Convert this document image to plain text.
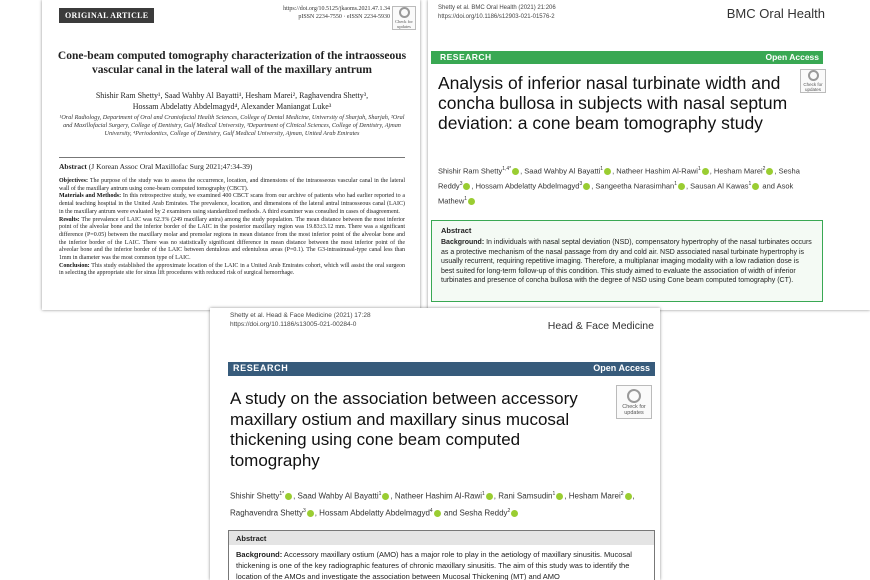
ORIGINAL ARTICLE
https://doi.org/10.5125/jkaoms.2021.47.1.34
pISSN 2234-7550 · eISSN 2234-5930
Check for updates
Cone-beam computed tomography characterization of the intraosseous vascular canal in the lateral wall of the maxillary antrum
Shishir Ram Shetty¹, Saad Wahby Al Bayatti¹, Hesham Marei², Raghavendra Shetty³,
Hossam Abdelatty Abdelmagyd⁴, Alexander Maniangat Luke³
¹Oral Radiology, Department of Oral and Craniofacial Health Sciences, College of Dental Medicine, University of Sharjah, Sharjah, ²Oral and Maxillofacial Surgery, College of Dentistry, Gulf Medical University, ³Department of Clinical Sciences, College of Dentistry, Ajman University, ⁴Periodontics, College of Dentistry, Gulf Medical University, Ajman, United Arab Emirates
Abstract (J Korean Assoc Oral Maxillofac Surg 2021;47:34-39)
Objectives: The purpose of the study was to assess the occurrence, location, and dimensions of the intraosseous vascular canal in the lateral wall of the maxillary antrum using cone-beam computed tomography (CBCT).
Materials and Methods: In this retrospective study, we examined 400 CBCT scans from our archive of patients who had earlier reported to a dental teaching hospital in the United Arab Emirates. The prevalence, location, and dimensions of the lateral antral intraosseous canal (LAIC) in the maxillary antrum were evaluated by 2 examiners using standardized methods. A third examiner was consulted in cases of disagreement.
Results: The prevalence of LAIC was 62.3% (249 maxillary antra) among the study population. The mean distance between the most inferior point of the alveolar bone and the inferior border of the LAIC in the posterior maxillary region was 19.83±3.12 mm. There was a significant difference (P=0.05) between the maxillary molar and premolar regions in mean distance from the most inferior point of the alveolar bone and the inferior border of the LAIC. There was no statistically significant difference in mean distance between the most inferior point of the alveolar bone and the inferior border of the LAIC between dentulous and edentulous areas (P=0.1). The G3-intrasinusal-type canal less than 1mm in diameter was the most common type of LAIC.
Conclusion: This study established the approximate location of the LAIC in a United Arab Emirates cohort, which will assist the oral surgeon in selecting the appropriate site for sinus lift procedures with reduced risk of surgical hemorrhage.
Shetty et al. BMC Oral Health (2021) 21:206
https://doi.org/10.1186/s12903-021-01576-2	BMC Oral Health
RESEARCH	Open Access
Check for updates
Analysis of inferior nasal turbinate width and concha bullosa in subjects with nasal septum deviation: a cone beam tomography study
Shishir Ram Shetty$^{1,4*}$ , Saad Wahby Al Bayatti$^1$ , Natheer Hashim Al-Rawi$^1$ , Hesham Marei$^2$ , Sesha Reddy$^3$ , Hossam Abdelatty Abdelmagyd$^3$ , Sangeetha Narasimhan$^1$ , Sausan Al Kawas$^1$ and Asok Mathew$^1$
Abstract
Background: In individuals with nasal septal deviation (NSD), compensatory hypertrophy of the nasal turbinates occurs as a protective mechanism of the nasal passage from dry and cold air. NSD associated nasal turbinate hypertrophy is usually recurrent, requiring repetitive imaging. Therefore, a multiplanar imaging modality with a low radiation dose is best suited for long-term follow-up of this condition. This study aimed to evaluate the association of width of inferior turbinates and presence of concha bullosa with the degree of NSD using Cone beam computed tomography (CT).
Shetty et al. Head & Face Medicine (2021) 17:28
https://doi.org/10.1186/s13005-021-00284-0	Head & Face Medicine
RESEARCH	Open Access
Check for updates
A study on the association between accessory maxillary ostium and maxillary sinus mucosal thickening using cone beam computed tomography
Shishir Shetty$^{1*}$ , Saad Wahby Al Bayatti$^1$ , Natheer Hashim Al-Rawi$^1$ , Rani Samsudin$^1$ , Hesham Marei$^2$ , Raghavendra Shetty$^3$ , Hossam Abdelatty Abdelmagyd$^4$ and Sesha Reddy$^2$
Abstract
Background: Accessory maxillary ostium (AMO) has a major role to play in the aetiology of maxillary sinusitis. Mucosal thickening is one of the key radiographic features of chronic maxillary sinusitis. The aim of this study was to identify the location of the AMOs and investigate the association between Mucosal Thickening (MT) and AMO
